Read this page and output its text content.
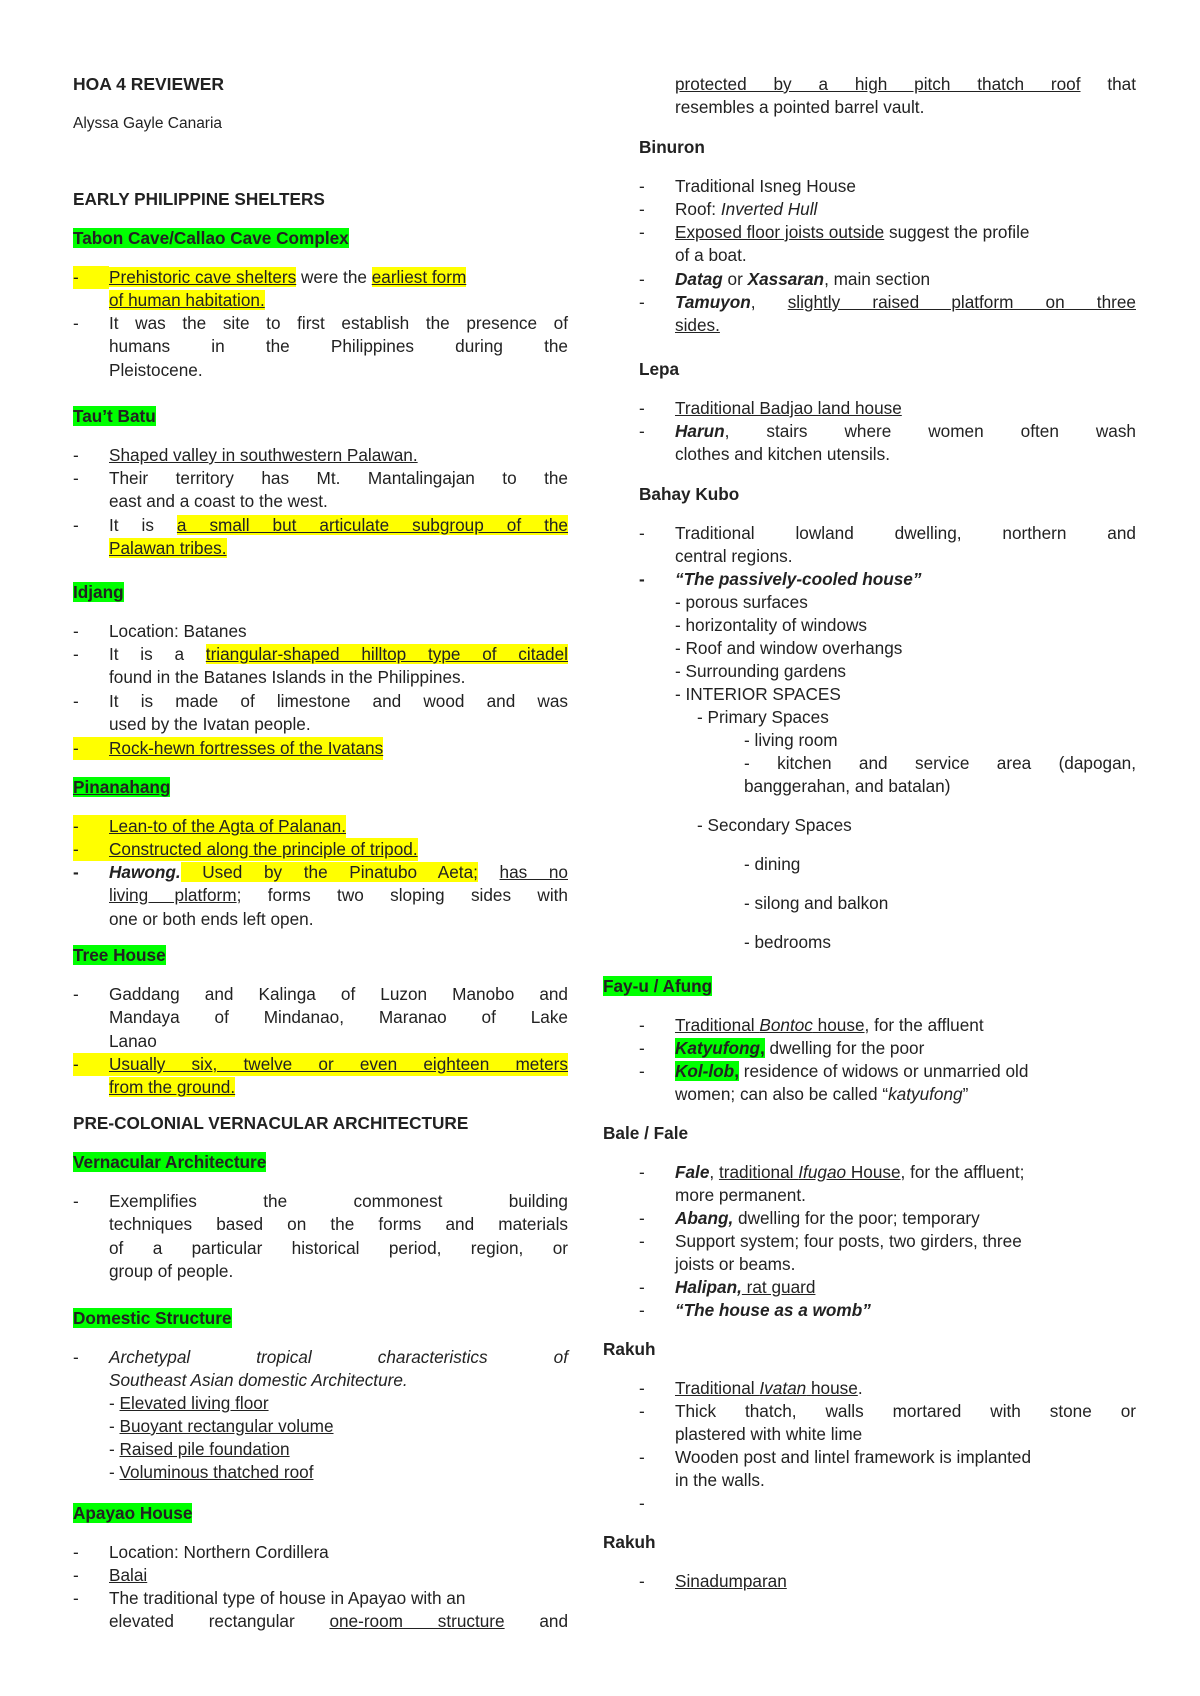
HOA 4 REVIEWER
Alyssa Gayle Canaria
EARLY PHILIPPINE SHELTERS
Tabon Cave/Callao Cave Complex
-	Prehistoric cave shelters were the earliest form
of human habitation.
-	It was the site to first establish the presence of
humans in the Philippines during the
Pleistocene.
Tau’t Batu
-	Shaped valley in southwestern Palawan.
-	Their territory has Mt. Mantalingajan to the
east and a coast to the west.
-	It is a small but articulate subgroup of the
Palawan tribes.
Idjang
-	Location: Batanes
-	It is a triangular-shaped hilltop type of citadel
found in the Batanes Islands in the Philippines.
-	It is made of limestone and wood and was
used by the Ivatan people.
-	Rock-hewn fortresses of the Ivatans
Pinanahang
-	Lean-to of the Agta of Palanan.
-	Constructed along the principle of tripod.
-	Hawong. Used by the Pinatubo Aeta; has no
living platform; forms two sloping sides with
one or both ends left open.
Tree House
-	Gaddang and Kalinga of Luzon Manobo and
Mandaya of Mindanao, Maranao of Lake
Lanao
-	Usually six, twelve or even eighteen meters
from the ground.
PRE-COLONIAL VERNACULAR ARCHITECTURE
Vernacular Architecture
-	Exemplifies the commonest building
techniques based on the forms and materials
of a particular historical period, region, or
group of people.
Domestic Structure
-	Archetypal tropical characteristics of
Southeast Asian domestic Architecture.
- Elevated living floor
- Buoyant rectangular volume
- Raised pile foundation
- Voluminous thatched roof
Apayao House
-	Location: Northern Cordillera
-	Balai
-	The traditional type of house in Apayao with an
elevated rectangular one-room structure and
protected by a high pitch thatch roof that
resembles a pointed barrel vault.
Binuron
-	Traditional Isneg House
-	Roof: Inverted Hull
-	Exposed floor joists outside suggest the profile
of a boat.
-	Datag or Xassaran, main section
-	Tamuyon, slightly raised platform on three
sides.
Lepa
-	Traditional Badjao land house
-	Harun, stairs where women often wash
clothes and kitchen utensils.
Bahay Kubo
-	Traditional lowland dwelling, northern and
central regions.
-	“The passively-cooled house”
- porous surfaces
- horizontality of windows
- Roof and window overhangs
- Surrounding gardens
- INTERIOR SPACES
- Primary Spaces
- living room
- kitchen and service area (dapogan,
banggerahan, and batalan)
- Secondary Spaces
- dining
- silong and balkon
- bedrooms
Fay-u / Afung
-	Traditional Bontoc house, for the affluent
-	Katyufong, dwelling for the poor
-	Kol-lob, residence of widows or unmarried old
women; can also be called “katyufong”
Bale / Fale
-	Fale, traditional Ifugao House, for the affluent;
more permanent.
-	Abang, dwelling for the poor; temporary
-	Support system; four posts, two girders, three
joists or beams.
-	Halipan, rat guard
-	“The house as a womb”
Rakuh
-	Traditional Ivatan house.
-	Thick thatch, walls mortared with stone or
plastered with white lime
-	Wooden post and lintel framework is implanted
in the walls.
-
Rakuh
-	Sinadumparan
